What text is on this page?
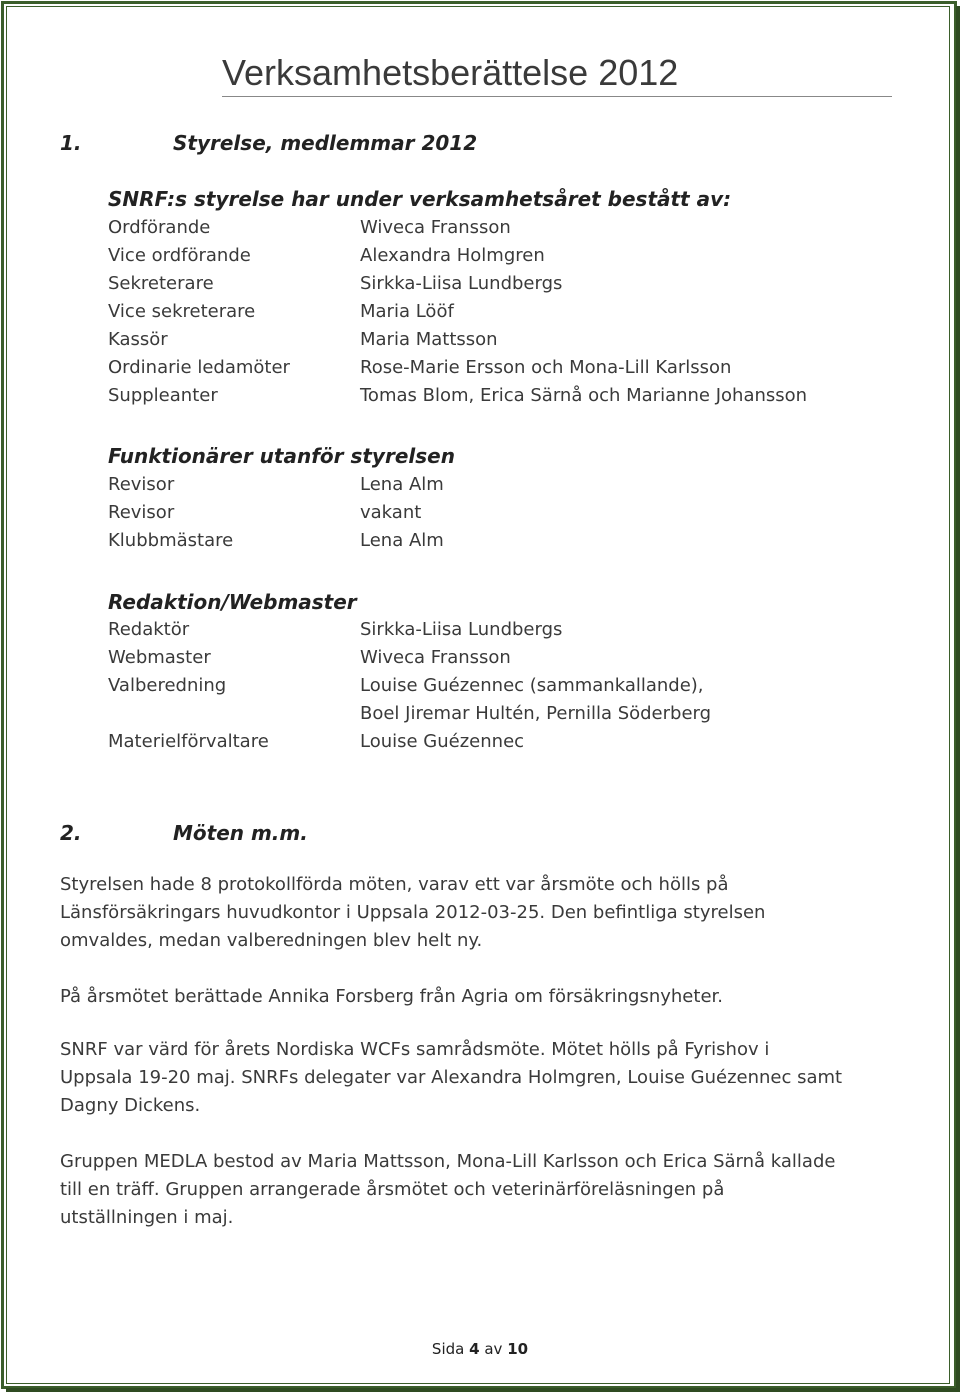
Verksamhetsberättelse 2012
1.	Styrelse, medlemmar 2012
SNRF:s styrelse har under verksamhetsåret bestått av:
Ordförande	Wiveca Fransson
Vice ordförande	Alexandra Holmgren
Sekreterare	Sirkka-Liisa Lundbergs
Vice sekreterare	Maria Lööf
Kassör	Maria Mattsson
Ordinarie ledamöter	Rose-Marie Ersson och Mona-Lill Karlsson
Suppleanter	Tomas Blom, Erica Särnå och Marianne Johansson
Funktionärer utanför styrelsen
Revisor	Lena Alm
Revisor	vakant
Klubbmästare	Lena Alm
Redaktion/Webmaster
Redaktör	Sirkka-Liisa Lundbergs
Webmaster	Wiveca Fransson
Valberedning	Louise Guézennec (sammankallande),
Boel Jiremar Hultén, Pernilla Söderberg
Materielförvaltare	Louise Guézennec
2.	Möten m.m.

Styrelsen hade 8 protokollförda möten, varav ett var årsmöte och hölls på

Länsförsäkringars huvudkontor i Uppsala 2012-03-25. Den befintliga styrelsen

omvaldes, medan valberedningen blev helt ny.

På årsmötet berättade Annika Forsberg från Agria om försäkringsnyheter.

SNRF var värd för årets Nordiska WCFs samrådsmöte. Mötet hölls på Fyrishov i

Uppsala 19-20 maj. SNRFs delegater var Alexandra Holmgren, Louise Guézennec samt

Dagny Dickens.

Gruppen MEDLA bestod av Maria Mattsson, Mona-Lill Karlsson och Erica Särnå kallade

till en träff. Gruppen arrangerade årsmötet och veterinärföreläsningen på

utställningen i maj.

Sida 4 av 10
